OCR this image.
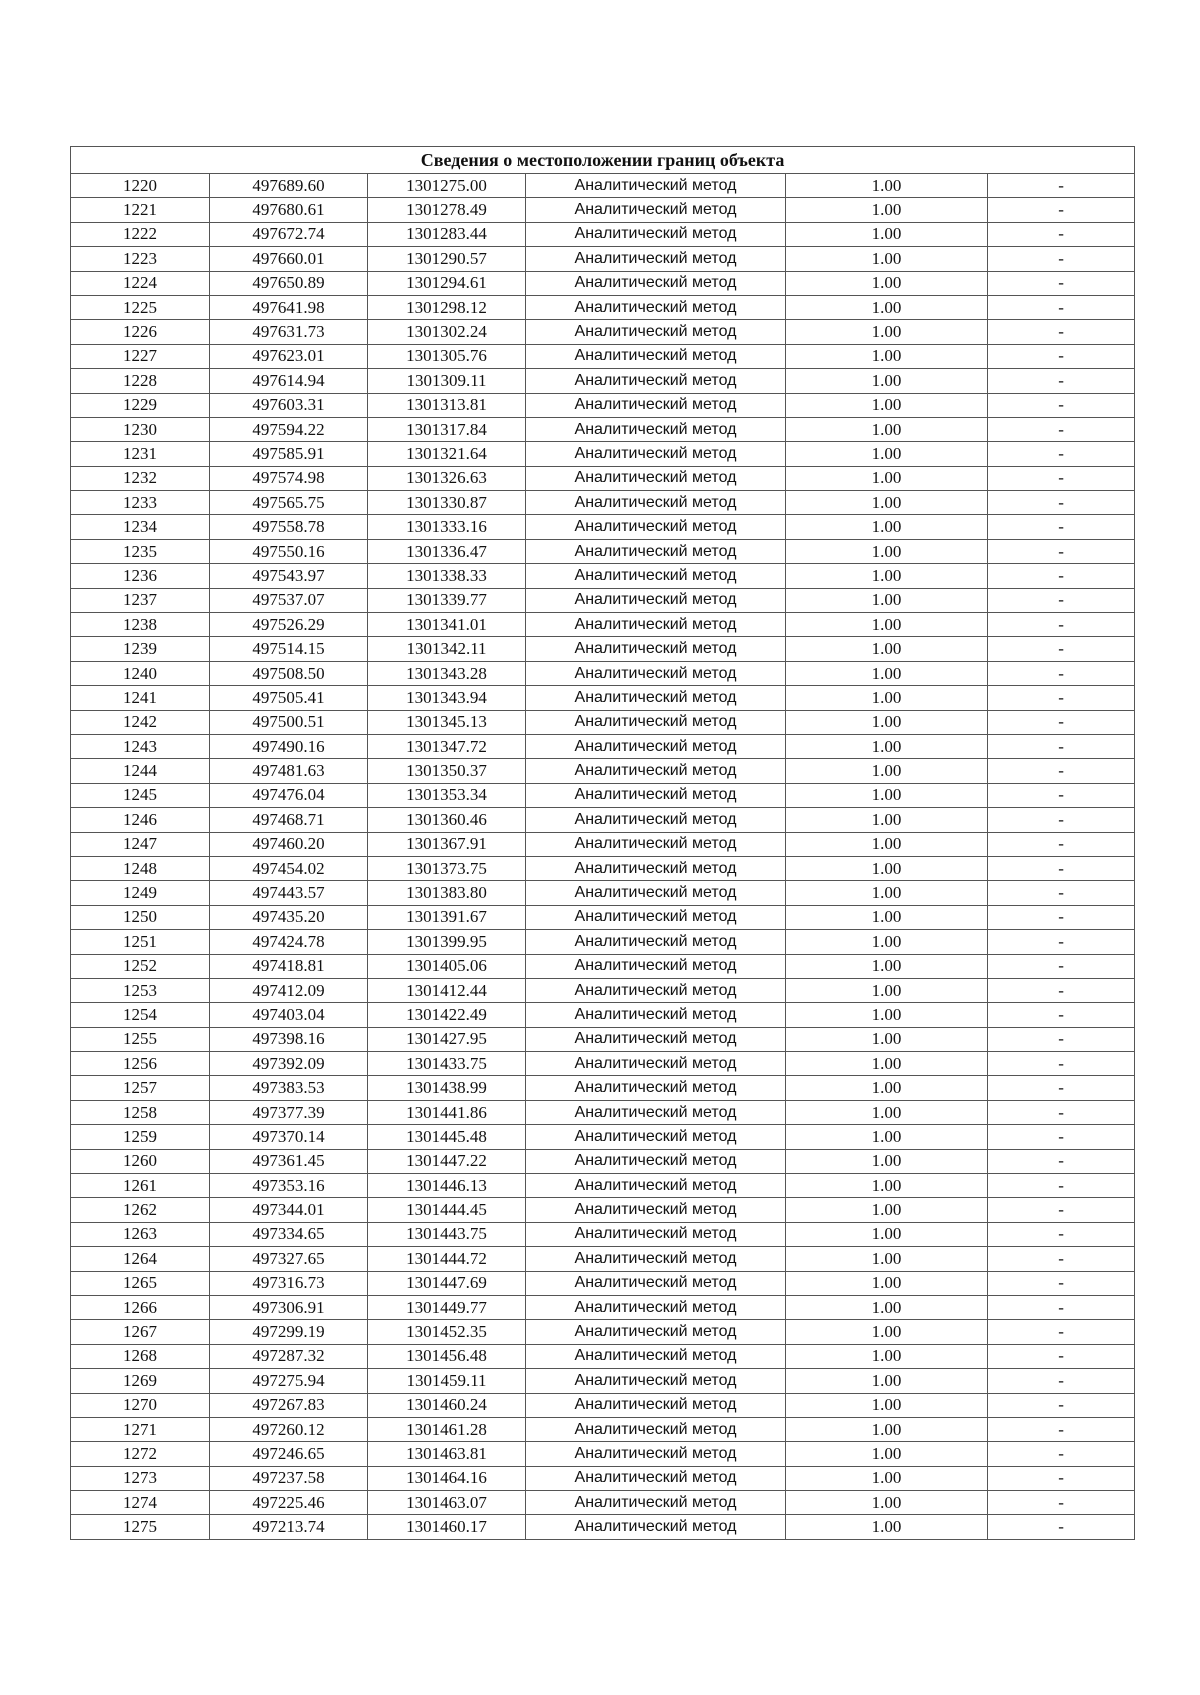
Сведения о местоположении границ объекта					
1220	497689.60	1301275.00	Аналитический метод	1.00	-
1221	497680.61	1301278.49	Аналитический метод	1.00	-
1222	497672.74	1301283.44	Аналитический метод	1.00	-
1223	497660.01	1301290.57	Аналитический метод	1.00	-
1224	497650.89	1301294.61	Аналитический метод	1.00	-
1225	497641.98	1301298.12	Аналитический метод	1.00	-
1226	497631.73	1301302.24	Аналитический метод	1.00	-
1227	497623.01	1301305.76	Аналитический метод	1.00	-
1228	497614.94	1301309.11	Аналитический метод	1.00	-
1229	497603.31	1301313.81	Аналитический метод	1.00	-
1230	497594.22	1301317.84	Аналитический метод	1.00	-
1231	497585.91	1301321.64	Аналитический метод	1.00	-
1232	497574.98	1301326.63	Аналитический метод	1.00	-
1233	497565.75	1301330.87	Аналитический метод	1.00	-
1234	497558.78	1301333.16	Аналитический метод	1.00	-
1235	497550.16	1301336.47	Аналитический метод	1.00	-
1236	497543.97	1301338.33	Аналитический метод	1.00	-
1237	497537.07	1301339.77	Аналитический метод	1.00	-
1238	497526.29	1301341.01	Аналитический метод	1.00	-
1239	497514.15	1301342.11	Аналитический метод	1.00	-
1240	497508.50	1301343.28	Аналитический метод	1.00	-
1241	497505.41	1301343.94	Аналитический метод	1.00	-
1242	497500.51	1301345.13	Аналитический метод	1.00	-
1243	497490.16	1301347.72	Аналитический метод	1.00	-
1244	497481.63	1301350.37	Аналитический метод	1.00	-
1245	497476.04	1301353.34	Аналитический метод	1.00	-
1246	497468.71	1301360.46	Аналитический метод	1.00	-
1247	497460.20	1301367.91	Аналитический метод	1.00	-
1248	497454.02	1301373.75	Аналитический метод	1.00	-
1249	497443.57	1301383.80	Аналитический метод	1.00	-
1250	497435.20	1301391.67	Аналитический метод	1.00	-
1251	497424.78	1301399.95	Аналитический метод	1.00	-
1252	497418.81	1301405.06	Аналитический метод	1.00	-
1253	497412.09	1301412.44	Аналитический метод	1.00	-
1254	497403.04	1301422.49	Аналитический метод	1.00	-
1255	497398.16	1301427.95	Аналитический метод	1.00	-
1256	497392.09	1301433.75	Аналитический метод	1.00	-
1257	497383.53	1301438.99	Аналитический метод	1.00	-
1258	497377.39	1301441.86	Аналитический метод	1.00	-
1259	497370.14	1301445.48	Аналитический метод	1.00	-
1260	497361.45	1301447.22	Аналитический метод	1.00	-
1261	497353.16	1301446.13	Аналитический метод	1.00	-
1262	497344.01	1301444.45	Аналитический метод	1.00	-
1263	497334.65	1301443.75	Аналитический метод	1.00	-
1264	497327.65	1301444.72	Аналитический метод	1.00	-
1265	497316.73	1301447.69	Аналитический метод	1.00	-
1266	497306.91	1301449.77	Аналитический метод	1.00	-
1267	497299.19	1301452.35	Аналитический метод	1.00	-
1268	497287.32	1301456.48	Аналитический метод	1.00	-
1269	497275.94	1301459.11	Аналитический метод	1.00	-
1270	497267.83	1301460.24	Аналитический метод	1.00	-
1271	497260.12	1301461.28	Аналитический метод	1.00	-
1272	497246.65	1301463.81	Аналитический метод	1.00	-
1273	497237.58	1301464.16	Аналитический метод	1.00	-
1274	497225.46	1301463.07	Аналитический метод	1.00	-
1275	497213.74	1301460.17	Аналитический метод	1.00	-
